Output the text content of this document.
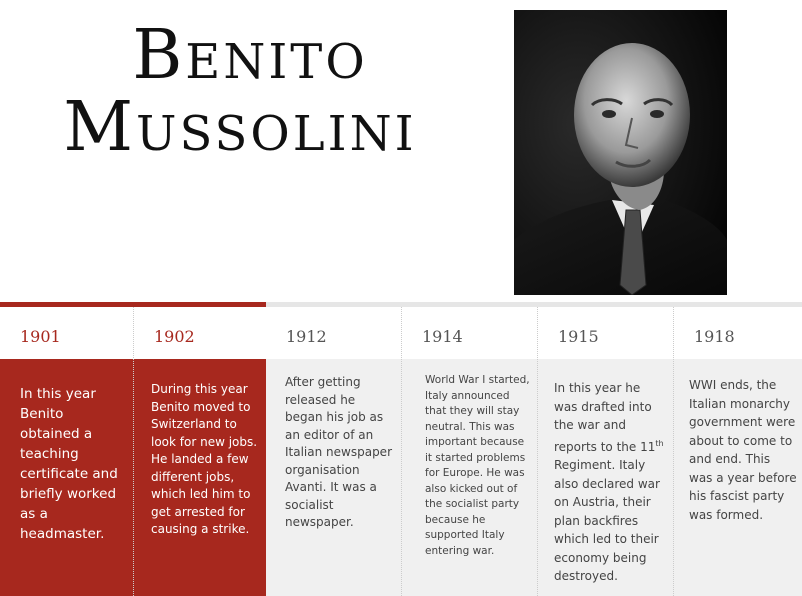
Benito
Mussolini
1901

In this year Benito obtained a teaching certificate and briefly worked as a headmaster.

1902

During this year Benito moved to Switzerland to look for new jobs. He landed a few different jobs, which led him to get arrested for causing a strike.

1912

After getting released he began his job as an editor of an Italian newspaper organisation Avanti. It was a socialist newspaper.

1914

World War I started, Italy announced that they will stay neutral. This was important because it started problems for Europe. He was also kicked out of the socialist party because he supported Italy entering war.

1915

In this year he was drafted into the war and reports to the 11th Regiment. Italy also declared war on Austria, their plan backfires which led to their economy being destroyed.

1918

WWI ends, the Italian monarchy government were about to come to and end. This was a year before his fascist party was formed.
